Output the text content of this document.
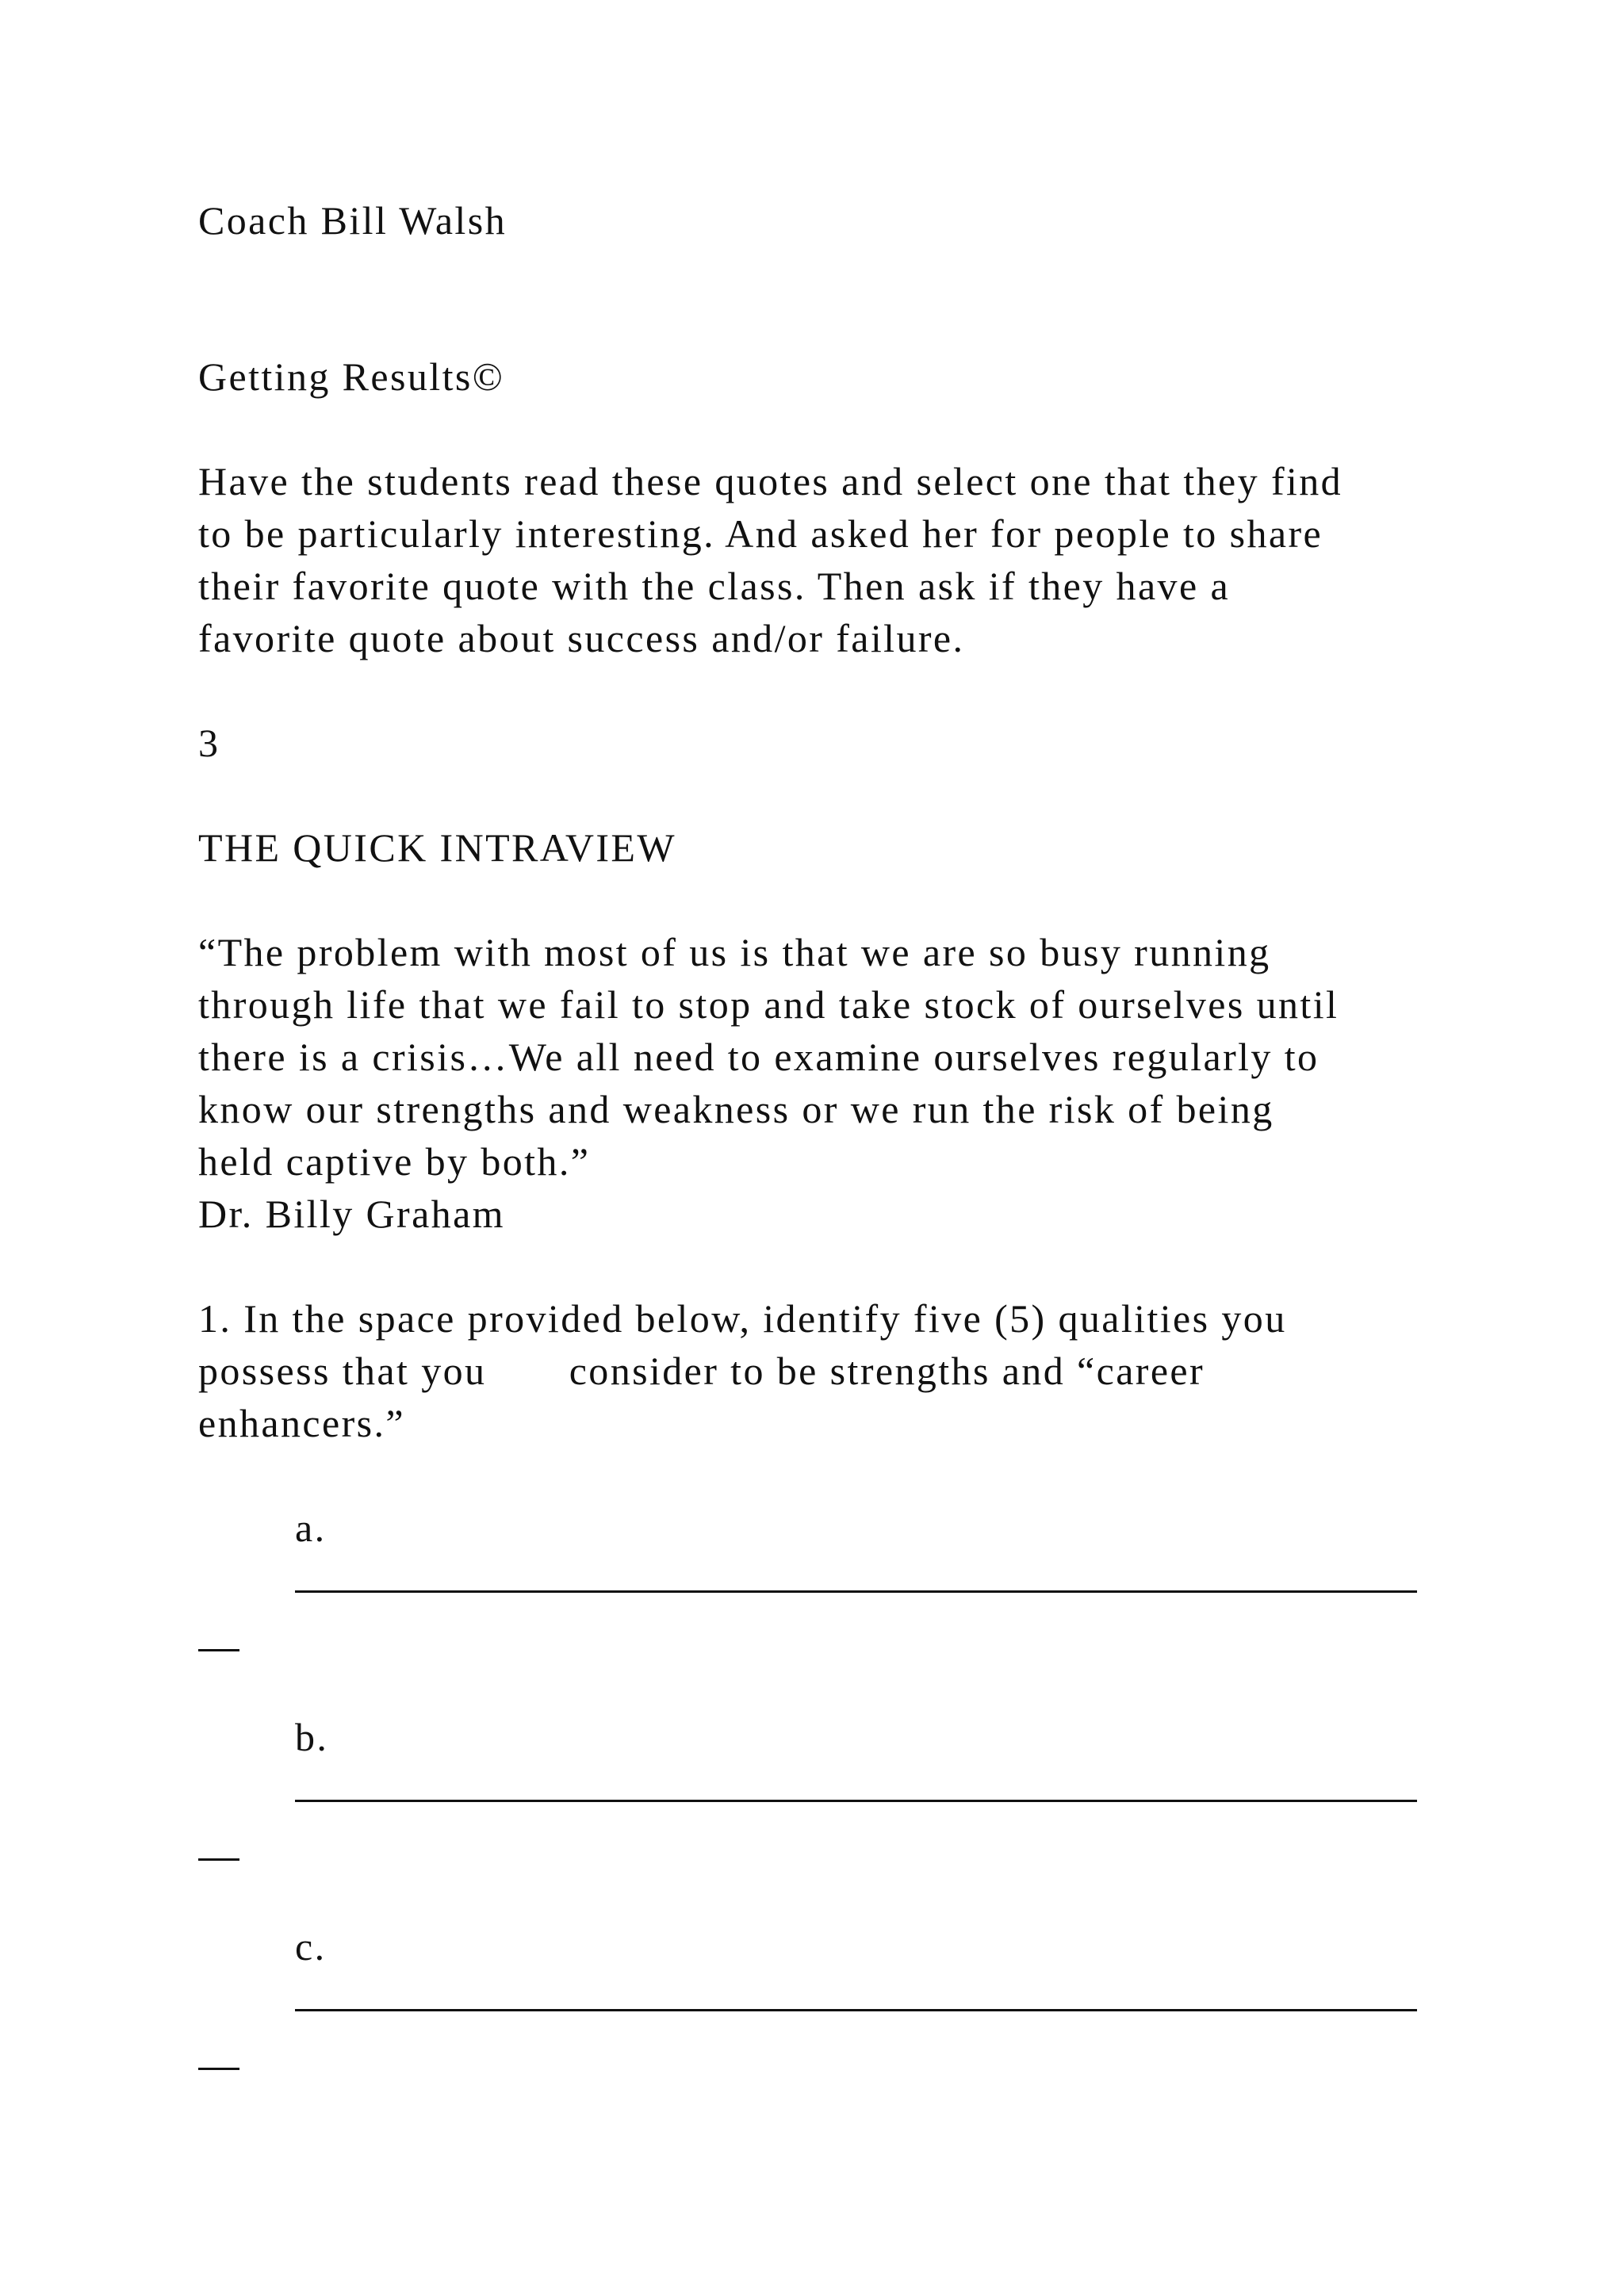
Coach Bill Walsh
Getting Results©
Have the students read these quotes and select one that they find
to be particularly interesting. And asked her for people to share
their favorite quote with the class. Then ask if they have a
favorite quote about success and/or failure.
3
THE QUICK INTRAVIEW
“The problem with most of us is that we are so busy running
through life that we fail to stop and take stock of ourselves until
there is a crisis…We all need to examine ourselves regularly to
know our strengths and weakness or we run the risk of being
held captive by both.”
Dr. Billy Graham
1. In the space provided below, identify five (5) qualities you
possess that you       consider to be strengths and “career
enhancers.”
a.
b.
c.
